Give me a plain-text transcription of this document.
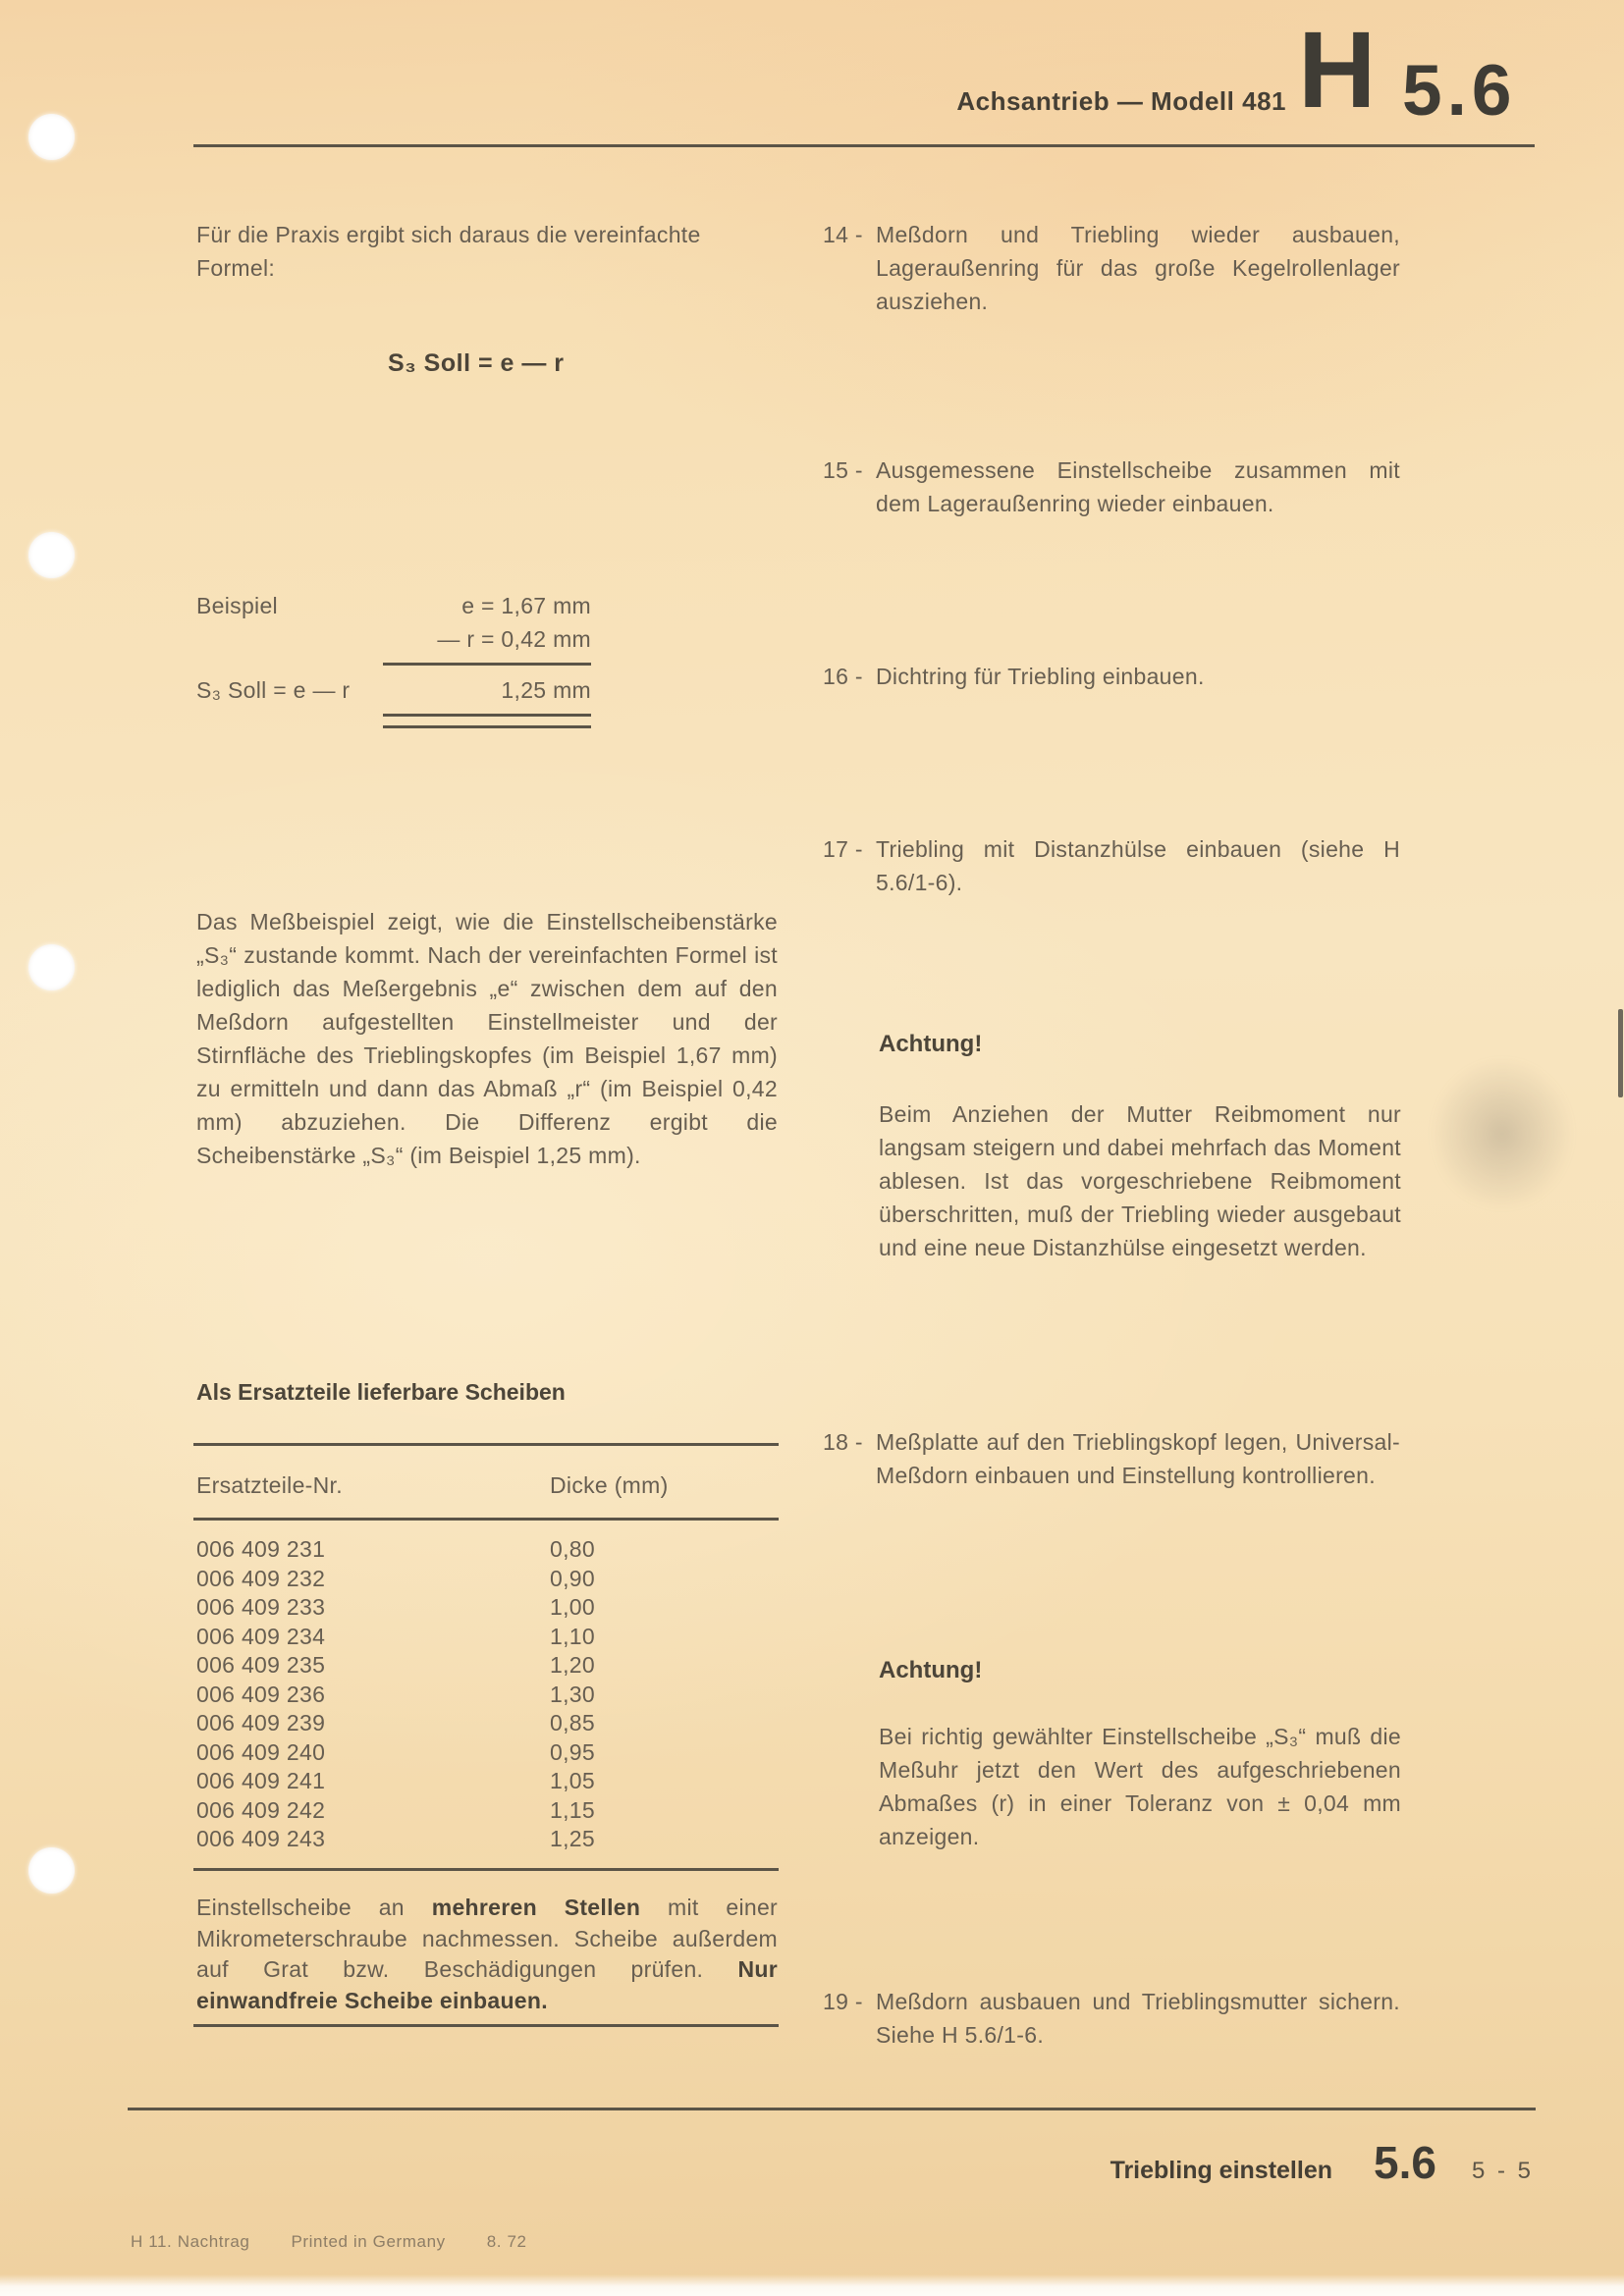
Achsantrieb — Modell 481 H 5.6
Für die Praxis ergibt sich daraus die vereinfachte Formel:
S₃ Soll = e — r
Beispiel	e = 1,67 mm
— r = 0,42 mm
S₃ Soll = e — r	1,25 mm
Das Meßbeispiel zeigt, wie die Einstellscheibenstärke „S₃“ zustande kommt. Nach der vereinfachten Formel ist lediglich das Meßergebnis „e“ zwischen dem auf den Meßdorn aufgestellten Einstellmeister und der Stirnfläche des Trieblingskopfes (im Beispiel 1,67 mm) zu ermitteln und dann das Abmaß „r“ (im Beispiel 0,42 mm) abzuziehen. Die Differenz ergibt die Scheibenstärke „S₃“ (im Beispiel 1,25 mm).
Als Ersatzteile lieferbare Scheiben
Ersatzteile-Nr.	Dicke (mm)
006 409 231	0,80
006 409 232	0,90
006 409 233	1,00
006 409 234	1,10
006 409 235	1,20
006 409 236	1,30
006 409 239	0,85
006 409 240	0,95
006 409 241	1,05
006 409 242	1,15
006 409 243	1,25
Einstellscheibe an mehreren Stellen mit einer Mikrometerschraube nachmessen. Scheibe außerdem auf Grat bzw. Beschädigungen prüfen. Nur einwandfreie Scheibe einbauen.
14 - Meßdorn und Triebling wieder ausbauen, Lageraußenring für das große Kegelrollenlager ausziehen.
15 - Ausgemessene Einstellscheibe zusammen mit dem Lageraußenring wieder einbauen.
16 - Dichtring für Triebling einbauen.
17 - Triebling mit Distanzhülse einbauen (siehe H 5.6/1-6).
Achtung!
Beim Anziehen der Mutter Reibmoment nur langsam steigern und dabei mehrfach das Moment ablesen. Ist das vorgeschriebene Reibmoment überschritten, muß der Triebling wieder ausgebaut und eine neue Distanzhülse eingesetzt werden.
18 - Meßplatte auf den Trieblingskopf legen, Universal-Meßdorn einbauen und Einstellung kontrollieren.
Achtung!
Bei richtig gewählter Einstellscheibe „S₃“ muß die Meßuhr jetzt den Wert des aufgeschriebenen Abmaßes (r) in einer Toleranz von ± 0,04 mm anzeigen.
19 - Meßdorn ausbauen und Trieblingsmutter sichern. Siehe H 5.6/1-6.
Triebling einstellen 5.6 5 - 5
H 11. Nachtrag Printed in Germany 8. 72
